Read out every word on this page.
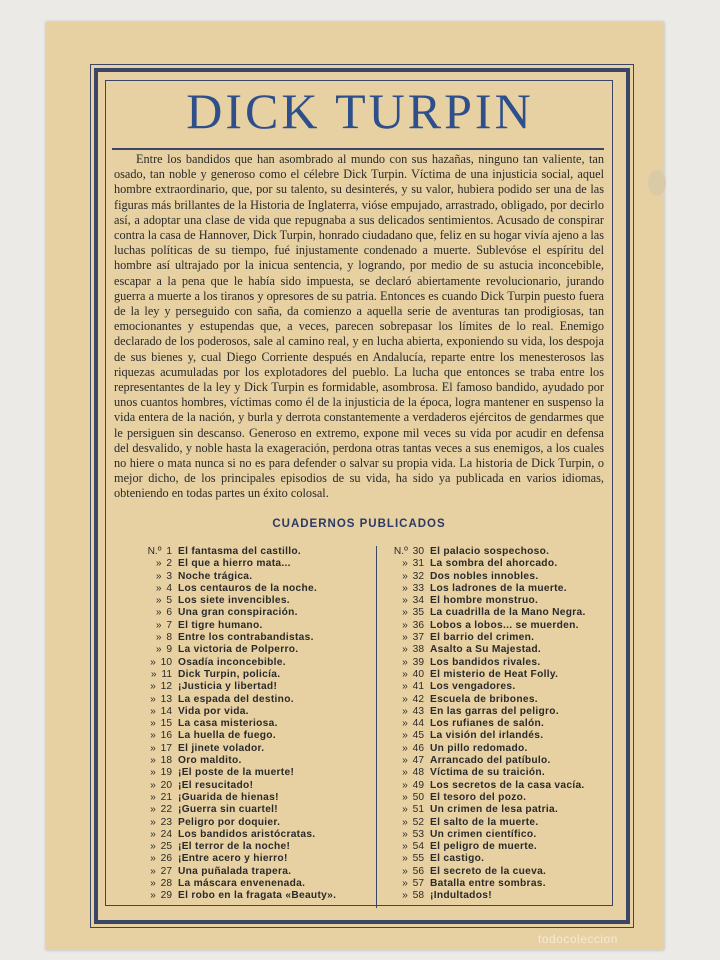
DICK TURPIN

Entre los bandidos que han asombrado al mundo con sus hazañas, ninguno tan valiente, tan osado, tan noble y generoso como el célebre Dick Turpin. Víctima de una injusticia social, aquel hombre extraordinario, que, por su talento, su desinterés, y su valor, hubiera podido ser una de las figuras más brillantes de la Historia de Inglaterra, vióse empujado, arrastrado, obligado, por decirlo así, a adoptar una clase de vida que repugnaba a sus delicados sentimientos. Acusado de conspirar contra la casa de Hannover, Dick Turpin, honrado ciudadano que, feliz en su hogar vivía ajeno a las luchas políticas de su tiempo, fué injustamente condenado a muerte. Sublevóse el espíritu del hombre así ultrajado por la inicua sentencia, y logrando, por medio de su astucia inconcebible, escapar a la pena que le había sido impuesta, se declaró abiertamente revolucionario, jurando guerra a muerte a los tiranos y opresores de su patria. Entonces es cuando Dick Turpin puesto fuera de la ley y perseguido con saña, da comienzo a aquella serie de aventuras tan prodigiosas, tan emocionantes y estupendas que, a veces, parecen sobrepasar los límites de lo real. Enemigo declarado de los poderosos, sale al camino real, y en lucha abierta, exponiendo su vida, los despoja de sus bienes y, cual Diego Corriente después en Andalucía, reparte entre los menesterosos las riquezas acumuladas por los explotadores del pueblo. La lucha que entonces se traba entre los representantes de la ley y Dick Turpin es formidable, asombrosa. El famoso bandido, ayudado por unos cuantos hombres, víctimas como él de la injusticia de la época, logra mantener en suspenso la vida entera de la nación, y burla y derrota constantemente a verdaderos ejércitos de gendarmes que le persiguen sin descanso. Generoso en extremo, expone mil veces su vida por acudir en defensa del desvalido, y noble hasta la exageración, perdona otras tantas veces a sus enemigos, a los cuales no hiere o mata nunca si no es para defender o salvar su propia vida. La historia de Dick Turpin, o mejor dicho, de los principales episodios de su vida, ha sido ya publicada en varios idiomas, obteniendo en todas partes un éxito colosal.

CUADERNOS PUBLICADOS
N.º 1 El fantasma del castillo.
» 2 El que a hierro mata...
» 3 Noche trágica.
» 4 Los centauros de la noche.
» 5 Los siete invencibles.
» 6 Una gran conspiración.
» 7 El tigre humano.
» 8 Entre los contrabandistas.
» 9 La victoria de Polperro.
» 10 Osadía inconcebible.
» 11 Dick Turpin, policía.
» 12 ¡Justicia y libertad!
» 13 La espada del destino.
» 14 Vida por vida.
» 15 La casa misteriosa.
» 16 La huella de fuego.
» 17 El jinete volador.
» 18 Oro maldito.
» 19 ¡El poste de la muerte!
» 20 ¡El resucitado!
» 21 ¡Guarida de hienas!
» 22 ¡Guerra sin cuartel!
» 23 Peligro por doquier.
» 24 Los bandidos aristócratas.
» 25 ¡El terror de la noche!
» 26 ¡Entre acero y hierro!
» 27 Una puñalada trapera.
» 28 La máscara envenenada.
» 29 El robo en la fragata «Beauty».
N.º 30 El palacio sospechoso.
» 31 La sombra del ahorcado.
» 32 Dos nobles innobles.
» 33 Los ladrones de la muerte.
» 34 El hombre monstruo.
» 35 La cuadrilla de la Mano Negra.
» 36 Lobos a lobos... se muerden.
» 37 El barrio del crimen.
» 38 Asalto a Su Majestad.
» 39 Los bandidos rivales.
» 40 El misterio de Heat Folly.
» 41 Los vengadores.
» 42 Escuela de bribones.
» 43 En las garras del peligro.
» 44 Los rufianes de salón.
» 45 La visión del irlandés.
» 46 Un pillo redomado.
» 47 Arrancado del patíbulo.
» 48 Víctima de su traición.
» 49 Los secretos de la casa vacía.
» 50 El tesoro del pozo.
» 51 Un crimen de lesa patria.
» 52 El salto de la muerte.
» 53 Un crimen científico.
» 54 El peligro de muerte.
» 55 El castigo.
» 56 El secreto de la cueva.
» 57 Batalla entre sombras.
» 58 ¡Indultados!
todocoleccion
